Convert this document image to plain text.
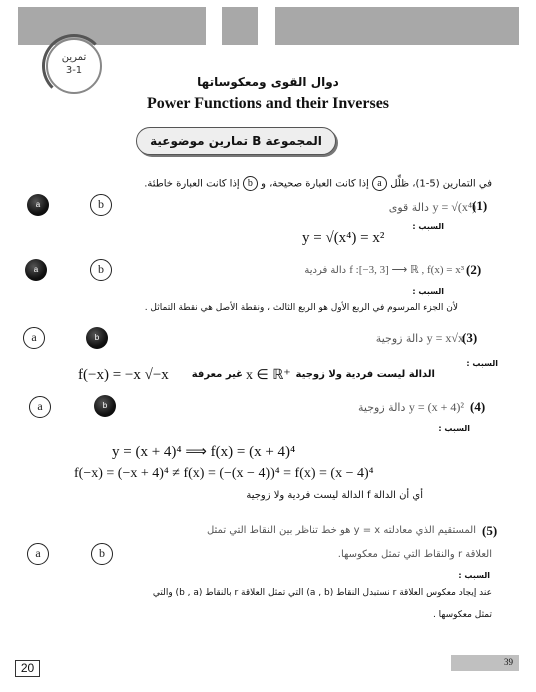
تمرين
3-1
دوال القوى ومعكوساتها
Power Functions and their Inverses
المجموعة B تمارين موضوعية
في التمارين (5-1)، ظلِّل a إذا كانت العبارة صحيحة، و b إذا كانت العبارة خاطئة.
a	b	y = √(x⁴) دالة قوى	(1)
السبب :
y = √(x⁴) = x²
a	b	f :[−3, 3] ⟶ ℝ , f(x) = x³ دالة فردية	(2)
السبب :
لأن الجزء المرسوم في الربع الأول هو الربع الثالث ، ونقطة الأصل هي نقطة التماثل .
a	b	y = x√x دالة زوجية	(3)
السبب :
f(−x) = −x √−x غير معرفة x ∈ ℝ⁺ الدالة ليست فردية ولا زوجية
a	b	y = (x + 4)² دالة زوجية	(4)
السبب :
y = (x + 4)⁴ ⟹ f(x) = (x + 4)⁴
f(−x) = (−x + 4)⁴ ≠ f(x) = (−(x − 4))⁴ = f(x) = (x − 4)⁴
أي أن الدالة f الدالة ليست فردية ولا زوجية
(5)
المستقيم الذي معادلته y = x هو خط تناظر بين النقاط التي تمثل
العلاقة r والنقاط التي تمثل معكوسها.
a	b
السبب :
عند إيجاد معكوس العلاقة r نستبدل النقاط (a , b) التي تمثل العلاقة r بالنقاط (b , a) والتي
تمثل معكوسها .
20	39
